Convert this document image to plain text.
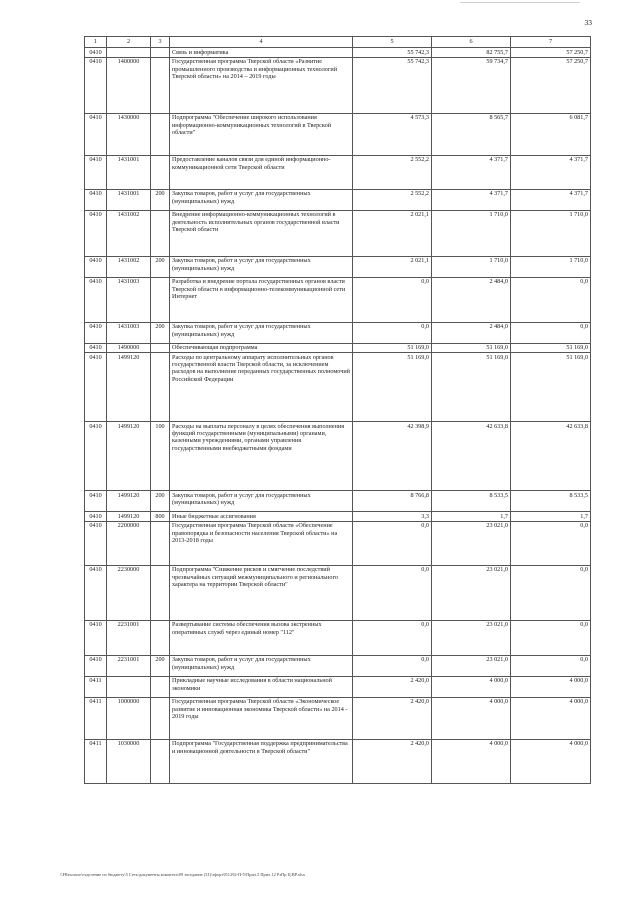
33
1	2	3	4	5	6	7
0410			Связь и информатика	55 742,3	82 755,7	57 250,7
0410	1400000		Государственная программа Тверской области «Развитие промышленного производства и информационных технологий Тверской области» на 2014 – 2019 годы	55 742,3	59 734,7	57 250,7
0410	1430000		Подпрограмма "Обеспечение широкого использования информационно-коммуникационных технологий в Тверской области"	4 573,3	8 565,7	6 081,7
0410	1431001		Предоставление каналов связи для единой информационно-коммуникационной сети Тверской области	2 552,2	4 371,7	4 371,7
0410	1431001	200	Закупка товаров, работ и услуг для государственных (муниципальных) нужд	2 552,2	4 371,7	4 371,7
0410	1431002		Внедрение информационно-коммуникационных технологий в деятельность исполнительных органов государственной власти Тверской области	2 021,1	1 710,0	1 710,0
0410	1431002	200	Закупка товаров, работ и услуг для государственных (муниципальных) нужд	2 021,1	1 710,0	1 710,0
0410	1431003		Разработка и внедрение портала государственных органов власти Тверской области в информационно-телекоммуникационной сети Интернет	0,0	2 484,0	0,0
0410	1431003	200	Закупка товаров, работ и услуг для государственных (муниципальных) нужд	0,0	2 484,0	0,0
0410	1490000		Обеспечивающая подпрограмма	51 169,0	51 169,0	51 169,0
0410	1499120		Расходы по центральному аппарату исполнительных органов государственной власти Тверской области, за исключением расходов на выполнение переданных государственных полномочий Российской Федерации	51 169,0	51 169,0	51 169,0
0410	1499120	100	Расходы на выплаты персоналу в целях обеспечения выполнения функций государственными (муниципальными) органами, казенными учреждениями, органами управления государственными внебюджетными фондами	42 398,9	42 633,8	42 633,8
0410	1499120	200	Закупка товаров, работ и услуг для государственных (муниципальных) нужд	8 766,8	8 533,5	8 533,5
0410	1499120	800	Иные бюджетные ассигнования	3,3	1,7	1,7
0410	2200000		Государственная программа Тверской области «Обеспечение правопорядка и безопасности населения Тверской области» на 2013-2018 годы	0,0	23 021,0	0,0
0410	2230000		Подпрограмма "Снижение рисков и смягчение последствий чрезвычайных ситуаций межмуниципального и регионального характера на территории Тверской области"	0,0	23 021,0	0,0
0410	2231001		Развертывание системы обеспечения вызова экстренных оперативных служб через единый номер "112"	0,0	23 021,0	0,0
0410	2231001	200	Закупка товаров, работ и услуг для государственных (муниципальных) нужд	0,0	23 021,0	0,0
0411			Прикладные научные исследования в области национальной экономики	2 420,0	4 000,0	4 000,0
0411	1000000		Государственная программа Тверской области «Экономическое развитие и инновационная экономика Тверской области» на 2014 - 2019 годы	2 420,0	4 000,0	4 000,0
0411	1030000		Подпрограмма "Государственная поддержка предпринимательства и инновационной деятельности в Тверской области"	2 420,0	4 000,0	4 000,0
\\FResourse\отделение по бюджету\5 Сеть\документы комитета\09 заседание (31)\зфорт\8\1292-П-5\Прил.5 Прил.12 РзПр Ц.ВР.xlsx
